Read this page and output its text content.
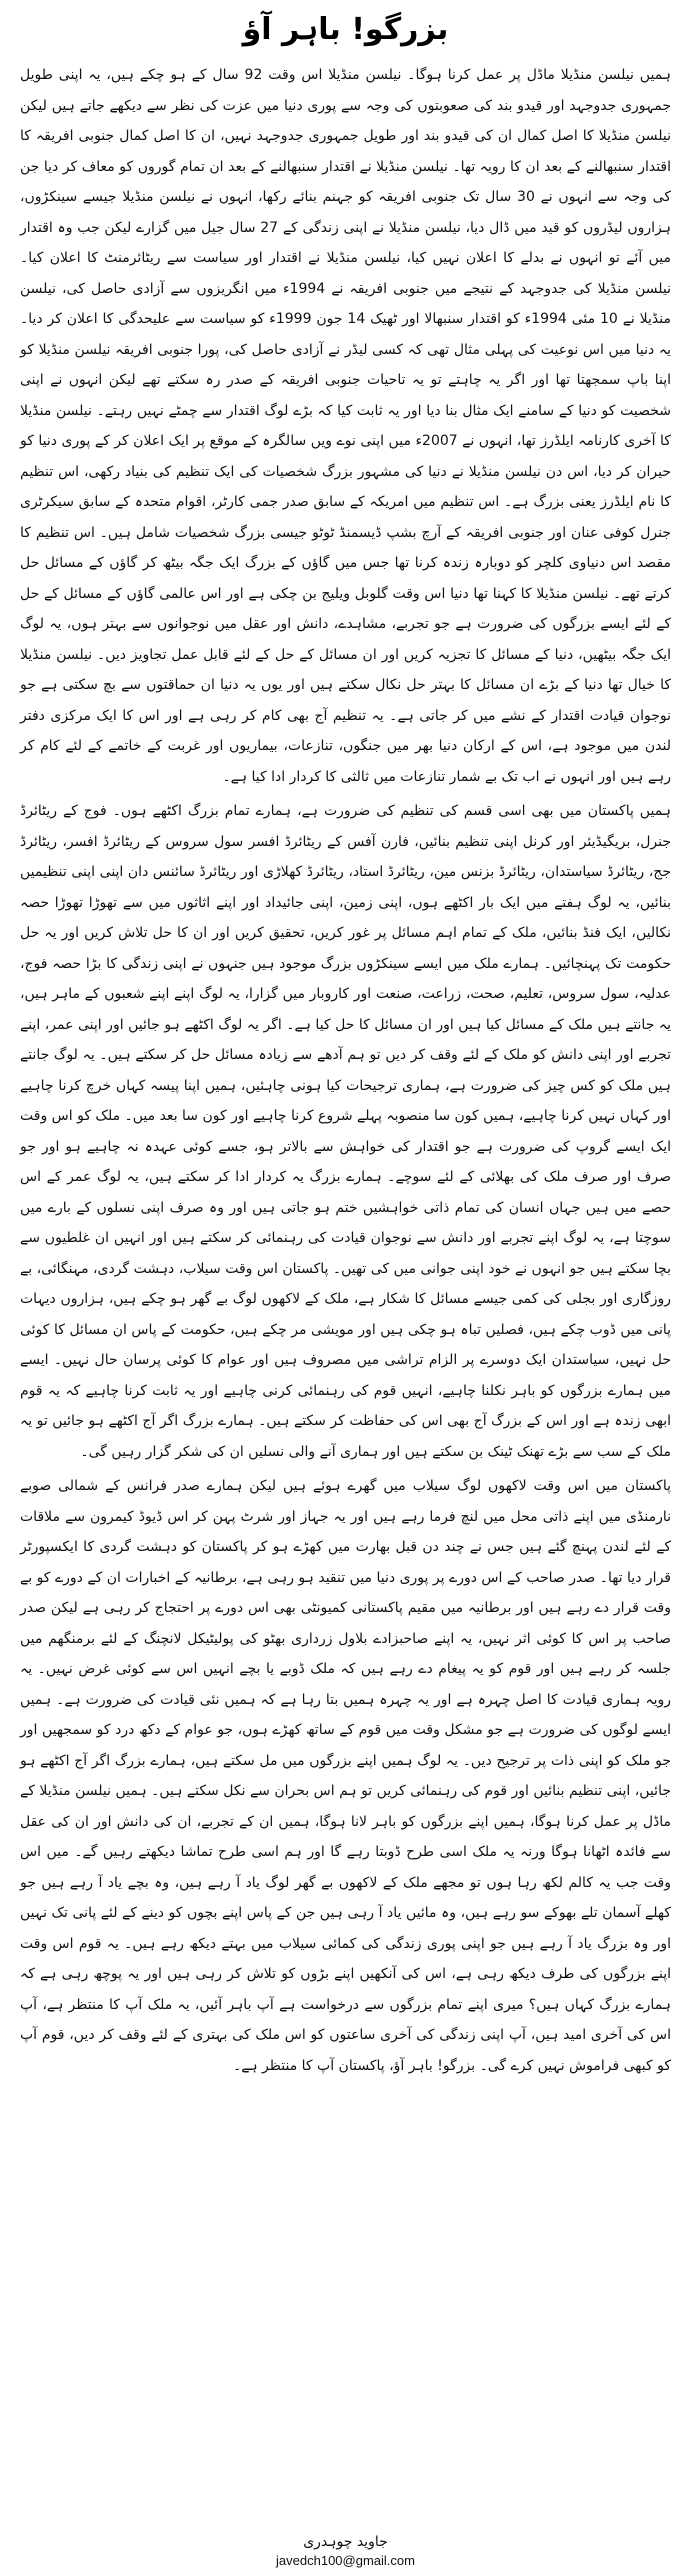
بزرگو! باہر آؤ

ہمیں نیلسن منڈیلا ماڈل پر عمل کرنا ہوگا۔ نیلسن منڈیلا اس وقت 92 سال کے ہو چکے ہیں، یہ اپنی طویل جمہوری جدوجہد اور قیدو بند کی صعوبتوں کی وجہ سے پوری دنیا میں عزت کی نظر سے دیکھے جاتے ہیں لیکن نیلسن منڈیلا کا اصل کمال ان کی قیدو بند اور طویل جمہوری جدوجہد نہیں، ان کا اصل کمال جنوبی افریقہ کا اقتدار سنبھالنے کے بعد ان کا رویہ تھا۔ نیلسن منڈیلا نے اقتدار سنبھالنے کے بعد ان تمام گوروں کو معاف کر دیا جن کی وجہ سے انہوں نے 30 سال تک جنوبی افریقہ کو جہنم بنائے رکھا، انہوں نے نیلسن منڈیلا جیسے سینکڑوں، ہزاروں لیڈروں کو قید میں ڈال دیا، نیلسن منڈیلا نے اپنی زندگی کے 27 سال جیل میں گزارے لیکن جب وہ اقتدار میں آئے تو انہوں نے بدلے کا اعلان نہیں کیا، نیلسن منڈیلا نے اقتدار اور سیاست سے ریٹائرمنٹ کا اعلان کیا۔ نیلسن منڈیلا کی جدوجہد کے نتیجے میں جنوبی افریقہ نے 1994ء میں انگریزوں سے آزادی حاصل کی، نیلسن منڈیلا نے 10 مئی 1994ء کو اقتدار سنبھالا اور ٹھیک 14 جون 1999ء کو سیاست سے علیحدگی کا اعلان کر دیا۔ یہ دنیا میں اس نوعیت کی پہلی مثال تھی کہ کسی لیڈر نے آزادی حاصل کی، پورا جنوبی افریقہ نیلسن منڈیلا کو اپنا باپ سمجھتا تھا اور اگر یہ چاہتے تو یہ تاحیات جنوبی افریقہ کے صدر رہ سکتے تھے لیکن انہوں نے اپنی شخصیت کو دنیا کے سامنے ایک مثال بنا دیا اور یہ ثابت کیا کہ بڑے لوگ اقتدار سے چمٹے نہیں رہتے۔ نیلسن منڈیلا کا آخری کارنامہ ایلڈرز تھا، انہوں نے 2007ء میں اپنی نوے ویں سالگرہ کے موقع پر ایک اعلان کر کے پوری دنیا کو حیران کر دیا، اس دن نیلسن منڈیلا نے دنیا کی مشہور بزرگ شخصیات کی ایک تنظیم کی بنیاد رکھی، اس تنظیم کا نام ایلڈرز یعنی بزرگ ہے۔ اس تنظیم میں امریکہ کے سابق صدر جمی کارٹر، اقوام متحدہ کے سابق سیکرٹری جنرل کوفی عنان اور جنوبی افریقہ کے آرچ بشپ ڈیسمنڈ ٹوٹو جیسی بزرگ شخصیات شامل ہیں۔ اس تنظیم کا مقصد اس دنیاوی کلچر کو دوبارہ زندہ کرنا تھا جس میں گاؤں کے بزرگ ایک جگہ بیٹھ کر گاؤں کے مسائل حل کرتے تھے۔ نیلسن منڈیلا کا کہنا تھا دنیا اس وقت گلوبل ویلیج بن چکی ہے اور اس عالمی گاؤں کے مسائل کے حل کے لئے ایسے بزرگوں کی ضرورت ہے جو تجربے، مشاہدے، دانش اور عقل میں نوجوانوں سے بہتر ہوں، یہ لوگ ایک جگہ بیٹھیں، دنیا کے مسائل کا تجزیہ کریں اور ان مسائل کے حل کے لئے قابل عمل تجاویز دیں۔ نیلسن منڈیلا کا خیال تھا دنیا کے بڑے ان مسائل کا بہتر حل نکال سکتے ہیں اور یوں یہ دنیا ان حماقتوں سے بچ سکتی ہے جو نوجوان قیادت اقتدار کے نشے میں کر جاتی ہے۔ یہ تنظیم آج بھی کام کر رہی ہے اور اس کا ایک مرکزی دفتر لندن میں موجود ہے، اس کے ارکان دنیا بھر میں جنگوں، تنازعات، بیماریوں اور غربت کے خاتمے کے لئے کام کر رہے ہیں اور انہوں نے اب تک بے شمار تنازعات میں ثالثی کا کردار ادا کیا ہے۔

ہمیں پاکستان میں بھی اسی قسم کی تنظیم کی ضرورت ہے، ہمارے تمام بزرگ اکٹھے ہوں۔ فوج کے ریٹائرڈ جنرل، بریگیڈیئر اور کرنل اپنی تنظیم بنائیں، فارن آفس کے ریٹائرڈ افسر سول سروس کے ریٹائرڈ افسر، ریٹائرڈ جج، ریٹائرڈ سیاستدان، ریٹائرڈ بزنس مین، ریٹائرڈ استاد، ریٹائرڈ کھلاڑی اور ریٹائرڈ سائنس دان اپنی اپنی تنظیمیں بنائیں، یہ لوگ ہفتے میں ایک بار اکٹھے ہوں، اپنی زمین، اپنی جائیداد اور اپنے اثاثوں میں سے تھوڑا تھوڑا حصہ نکالیں، ایک فنڈ بنائیں، ملک کے تمام اہم مسائل پر غور کریں، تحقیق کریں اور ان کا حل تلاش کریں اور یہ حل حکومت تک پہنچائیں۔ ہمارے ملک میں ایسے سینکڑوں بزرگ موجود ہیں جنہوں نے اپنی زندگی کا بڑا حصہ فوج، عدلیہ، سول سروس، تعلیم، صحت، زراعت، صنعت اور کاروبار میں گزارا، یہ لوگ اپنے اپنے شعبوں کے ماہر ہیں، یہ جانتے ہیں ملک کے مسائل کیا ہیں اور ان مسائل کا حل کیا ہے۔ اگر یہ لوگ اکٹھے ہو جائیں اور اپنی عمر، اپنے تجربے اور اپنی دانش کو ملک کے لئے وقف کر دیں تو ہم آدھے سے زیادہ مسائل حل کر سکتے ہیں۔ یہ لوگ جانتے ہیں ملک کو کس چیز کی ضرورت ہے، ہماری ترجیحات کیا ہونی چاہئیں، ہمیں اپنا پیسہ کہاں خرچ کرنا چاہیے اور کہاں نہیں کرنا چاہیے، ہمیں کون سا منصوبہ پہلے شروع کرنا چاہیے اور کون سا بعد میں۔ ملک کو اس وقت ایک ایسے گروپ کی ضرورت ہے جو اقتدار کی خواہش سے بالاتر ہو، جسے کوئی عہدہ نہ چاہیے ہو اور جو صرف اور صرف ملک کی بھلائی کے لئے سوچے۔ ہمارے بزرگ یہ کردار ادا کر سکتے ہیں، یہ لوگ عمر کے اس حصے میں ہیں جہاں انسان کی تمام ذاتی خواہشیں ختم ہو جاتی ہیں اور وہ صرف اپنی نسلوں کے بارے میں سوچتا ہے، یہ لوگ اپنے تجربے اور دانش سے نوجوان قیادت کی رہنمائی کر سکتے ہیں اور انہیں ان غلطیوں سے بچا سکتے ہیں جو انہوں نے خود اپنی جوانی میں کی تھیں۔ پاکستان اس وقت سیلاب، دہشت گردی، مہنگائی، بے روزگاری اور بجلی کی کمی جیسے مسائل کا شکار ہے، ملک کے لاکھوں لوگ بے گھر ہو چکے ہیں، ہزاروں دیہات پانی میں ڈوب چکے ہیں، فصلیں تباہ ہو چکی ہیں اور مویشی مر چکے ہیں، حکومت کے پاس ان مسائل کا کوئی حل نہیں، سیاستدان ایک دوسرے پر الزام تراشی میں مصروف ہیں اور عوام کا کوئی پرسان حال نہیں۔ ایسے میں ہمارے بزرگوں کو باہر نکلنا چاہیے، انہیں قوم کی رہنمائی کرنی چاہیے اور یہ ثابت کرنا چاہیے کہ یہ قوم ابھی زندہ ہے اور اس کے بزرگ آج بھی اس کی حفاظت کر سکتے ہیں۔ ہمارے بزرگ اگر آج اکٹھے ہو جائیں تو یہ ملک کے سب سے بڑے تھنک ٹینک بن سکتے ہیں اور ہماری آنے والی نسلیں ان کی شکر گزار رہیں گی۔

پاکستان میں اس وقت لاکھوں لوگ سیلاب میں گھرے ہوئے ہیں لیکن ہمارے صدر فرانس کے شمالی صوبے نارمنڈی میں اپنے ذاتی محل میں لنچ فرما رہے ہیں اور یہ جہاز اور شرٹ پہن کر اس ڈیوڈ کیمرون سے ملاقات کے لئے لندن پہنچ گئے ہیں جس نے چند دن قبل بھارت میں کھڑے ہو کر پاکستان کو دہشت گردی کا ایکسپورٹر قرار دیا تھا۔ صدر صاحب کے اس دورے پر پوری دنیا میں تنقید ہو رہی ہے، برطانیہ کے اخبارات ان کے دورے کو بے وقت قرار دے رہے ہیں اور برطانیہ میں مقیم پاکستانی کمیونٹی بھی اس دورے پر احتجاج کر رہی ہے لیکن صدر صاحب پر اس کا کوئی اثر نہیں، یہ اپنے صاحبزادے بلاول زرداری بھٹو کی پولیٹیکل لانچنگ کے لئے برمنگھم میں جلسہ کر رہے ہیں اور قوم کو یہ پیغام دے رہے ہیں کہ ملک ڈوبے یا بچے انہیں اس سے کوئی غرض نہیں۔ یہ رویہ ہماری قیادت کا اصل چہرہ ہے اور یہ چہرہ ہمیں بتا رہا ہے کہ ہمیں نئی قیادت کی ضرورت ہے۔ ہمیں ایسے لوگوں کی ضرورت ہے جو مشکل وقت میں قوم کے ساتھ کھڑے ہوں، جو عوام کے دکھ درد کو سمجھیں اور جو ملک کو اپنی ذات پر ترجیح دیں۔ یہ لوگ ہمیں اپنے بزرگوں میں مل سکتے ہیں، ہمارے بزرگ اگر آج اکٹھے ہو جائیں، اپنی تنظیم بنائیں اور قوم کی رہنمائی کریں تو ہم اس بحران سے نکل سکتے ہیں۔ ہمیں نیلسن منڈیلا کے ماڈل پر عمل کرنا ہوگا، ہمیں اپنے بزرگوں کو باہر لانا ہوگا، ہمیں ان کے تجربے، ان کی دانش اور ان کی عقل سے فائدہ اٹھانا ہوگا ورنہ یہ ملک اسی طرح ڈوبتا رہے گا اور ہم اسی طرح تماشا دیکھتے رہیں گے۔ میں اس وقت جب یہ کالم لکھ رہا ہوں تو مجھے ملک کے لاکھوں بے گھر لوگ یاد آ رہے ہیں، وہ بچے یاد آ رہے ہیں جو کھلے آسمان تلے بھوکے سو رہے ہیں، وہ مائیں یاد آ رہی ہیں جن کے پاس اپنے بچوں کو دینے کے لئے پانی تک نہیں اور وہ بزرگ یاد آ رہے ہیں جو اپنی پوری زندگی کی کمائی سیلاب میں بہتے دیکھ رہے ہیں۔ یہ قوم اس وقت اپنے بزرگوں کی طرف دیکھ رہی ہے، اس کی آنکھیں اپنے بڑوں کو تلاش کر رہی ہیں اور یہ پوچھ رہی ہے کہ ہمارے بزرگ کہاں ہیں؟ میری اپنے تمام بزرگوں سے درخواست ہے آپ باہر آئیں، یہ ملک آپ کا منتظر ہے، آپ اس کی آخری امید ہیں، آپ اپنی زندگی کی آخری ساعتوں کو اس ملک کی بہتری کے لئے وقف کر دیں، قوم آپ کو کبھی فراموش نہیں کرے گی۔ بزرگو! باہر آؤ، پاکستان آپ کا منتظر ہے۔

جاوید چوہدری
javedch100@gmail.com
